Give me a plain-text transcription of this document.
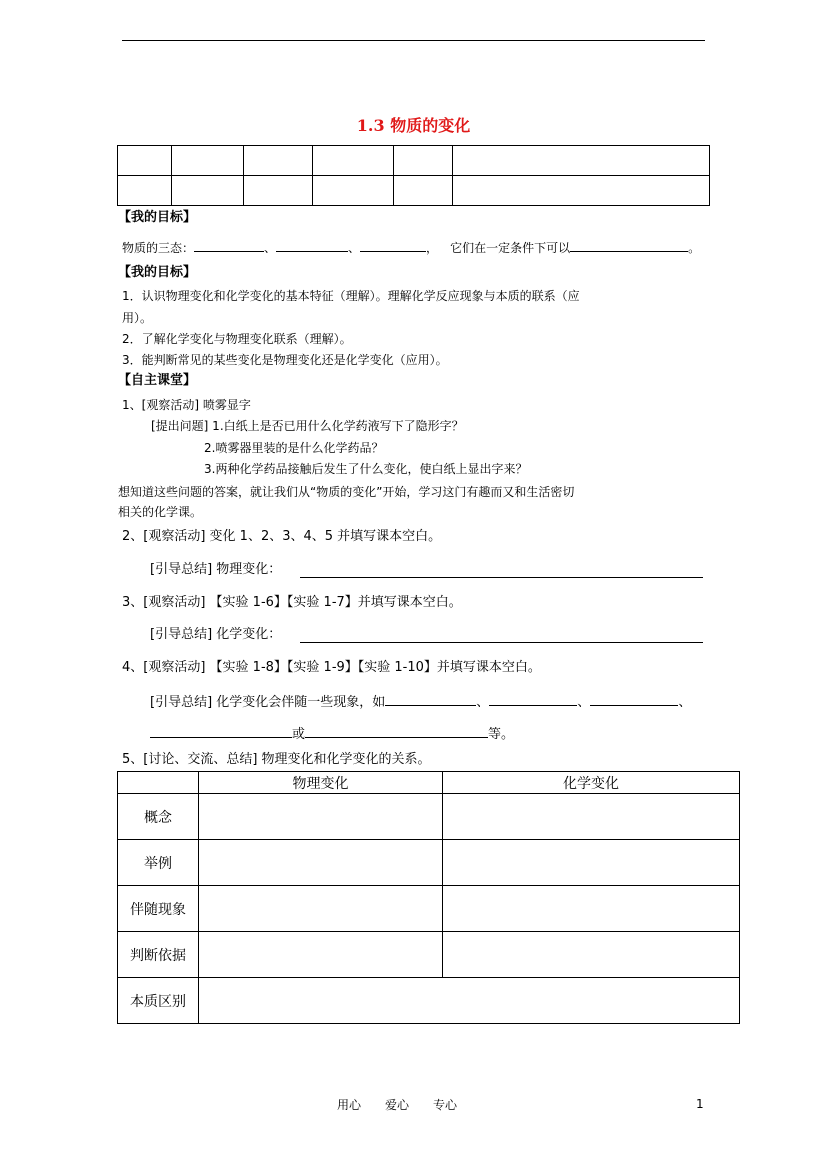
1.3 物质的变化

【我的目标】
物质的三态：	、	、	， 它们在一定条件下可以	。
【我的目标】
1．认识物理变化和化学变化的基本特征（理解）。理解化学反应现象与本质的联系（应
用）。
2．了解化学变化与物理变化联系（理解）。
3．能判断常见的某些变化是物理变化还是化学变化（应用）。
【自主课堂】
1、[观察活动] 喷雾显字
[提出问题] 1.白纸上是否已用什么化学药液写下了隐形字？
2.喷雾器里装的是什么化学药品？
3.两种化学药品接触后发生了什么变化，使白纸上显出字来？
想知道这些问题的答案，就让我们从“物质的变化”开始，学习这门有趣而又和生活密切
相关的化学课。
2、[观察活动] 变化 1、2、3、4、5 并填写课本空白。
[引导总结] 物理变化：
3、[观察活动] 【实验 1-6】【实验 1-7】并填写课本空白。
[引导总结] 化学变化：
4、[观察活动] 【实验 1-8】【实验 1-9】【实验 1-10】并填写课本空白。
[引导总结] 化学变化会伴随一些现象，如	、	、	、
或	等。
5、[讨论、交流、总结] 物理变化和化学变化的关系。
	物理变化	化学变化
概念		
举例		
伴随现象		
判断依据		
本质区别		
用心　　爱心　　专心	1
